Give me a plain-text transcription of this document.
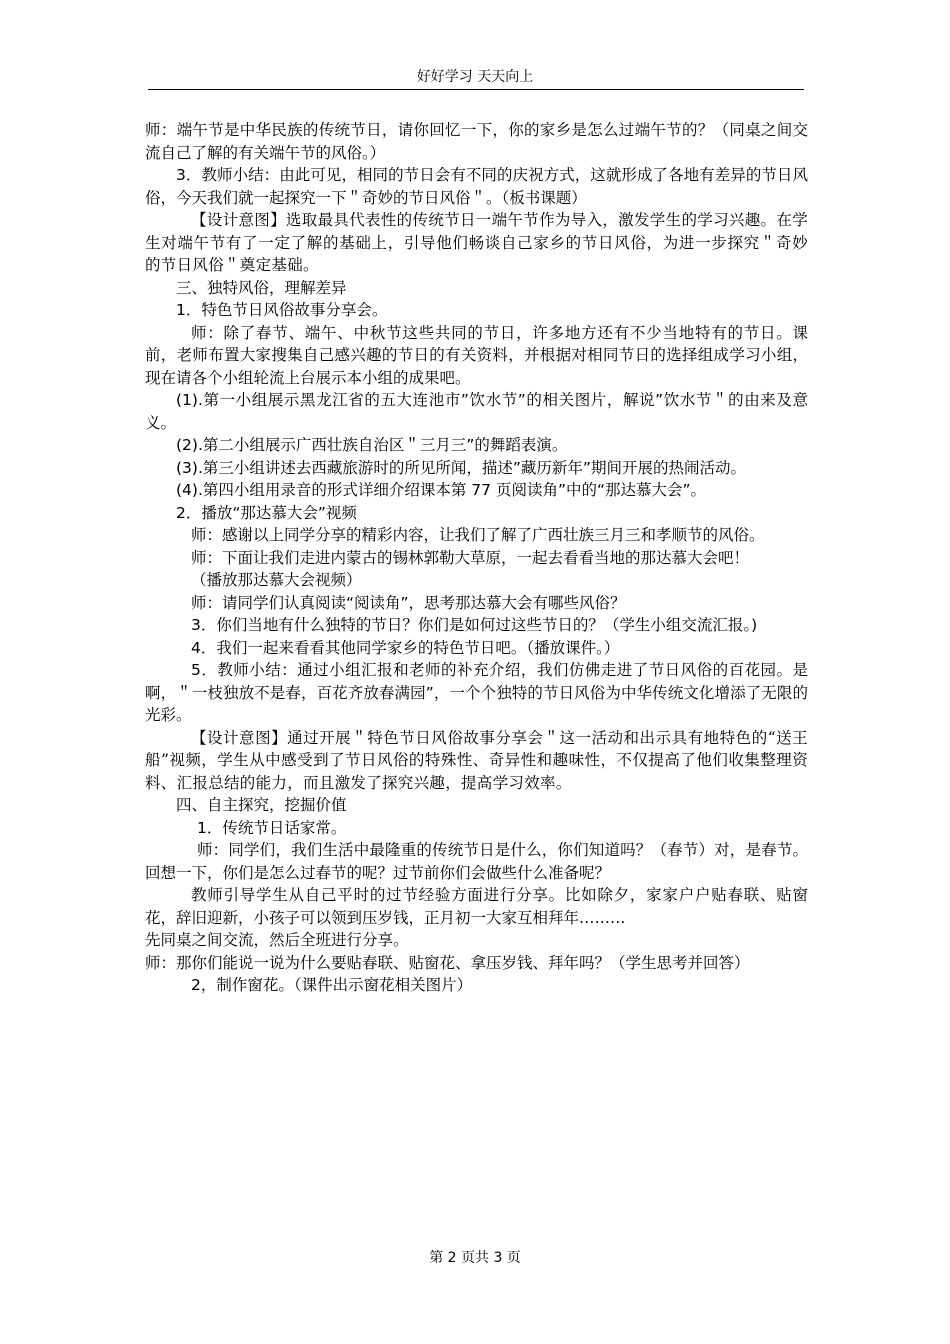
好好学习 天天向上

师：端午节是中华民族的传统节日，请你回忆一下，你的家乡是怎么过端午节的？（同桌之间交流自己了解的有关端午节的风俗。）

3．教师小结：由此可见，相同的节日会有不同的庆祝方式，这就形成了各地有差异的节日风俗，今天我们就一起探究一下＂奇妙的节日风俗＂。（板书课题）

【设计意图】选取最具代表性的传统节日一端午节作为导入，激发学生的学习兴趣。在学生对端午节有了一定了解的基础上，引导他们畅谈自己家乡的节日风俗，为进一步探究＂奇妙的节日风俗＂奠定基础。

三、独特风俗，理解差异

1．特色节日风俗故事分享会。

师：除了春节、端午、中秋节这些共同的节日，许多地方还有不少当地特有的节日。课前，老师布置大家搜集自己感兴趣的节日的有关资料，并根据对相同节日的选择组成学习小组，现在请各个小组轮流上台展示本小组的成果吧。

(1).第一小组展示黑龙江省的五大连池市”饮水节”的相关图片，解说”饮水节＂的由来及意义。

(2).第二小组展示广西壮族自治区＂三月三”的舞蹈表演。

(3).第三小组讲述去西藏旅游时的所见所闻，描述”藏历新年”期间开展的热闹活动。

(4).第四小组用录音的形式详细介绍课本第 77 页阅读角”中的“那达慕大会”。

2．播放“那达慕大会”视频

师：感谢以上同学分享的精彩内容，让我们了解了广西壮族三月三和孝顺节的风俗。

师：下面让我们走进内蒙古的锡林郭勒大草原，一起去看看当地的那达慕大会吧！

（播放那达慕大会视频）

师：请同学们认真阅读“阅读角”，思考那达慕大会有哪些风俗？

3．你们当地有什么独特的节日？你们是如何过这些节日的？（学生小组交流汇报。)

4．我们一起来看看其他同学家乡的特色节日吧。（播放课件。）

5．教师小结：通过小组汇报和老师的补充介绍，我们仿佛走进了节日风俗的百花园。是啊，＂一枝独放不是春，百花齐放春满园”，一个个独特的节日风俗为中华传统文化增添了无限的光彩。

【设计意图】通过开展＂特色节日风俗故事分享会＂这一活动和出示具有地特色的“送王船”视频，学生从中感受到了节日风俗的特殊性、奇异性和趣味性，不仅提高了他们收集整理资料、汇报总结的能力，而且激发了探究兴趣，提高学习效率。

四、自主探究，挖掘价值

1．传统节日话家常。

师：同学们，我们生活中最隆重的传统节日是什么，你们知道吗？（春节）对，是春节。回想一下，你们是怎么过春节的呢？过节前你们会做些什么准备呢？

教师引导学生从自己平时的过节经验方面进行分享。比如除夕，家家户户贴春联、贴窗花，辞旧迎新，小孩子可以领到压岁钱，正月初一大家互相拜年………

先同桌之间交流，然后全班进行分享。

师：那你们能说一说为什么要贴春联、贴窗花、拿压岁钱、拜年吗？（学生思考并回答）

2，制作窗花。（课件出示窗花相关图片）

第 2 页共 3 页
